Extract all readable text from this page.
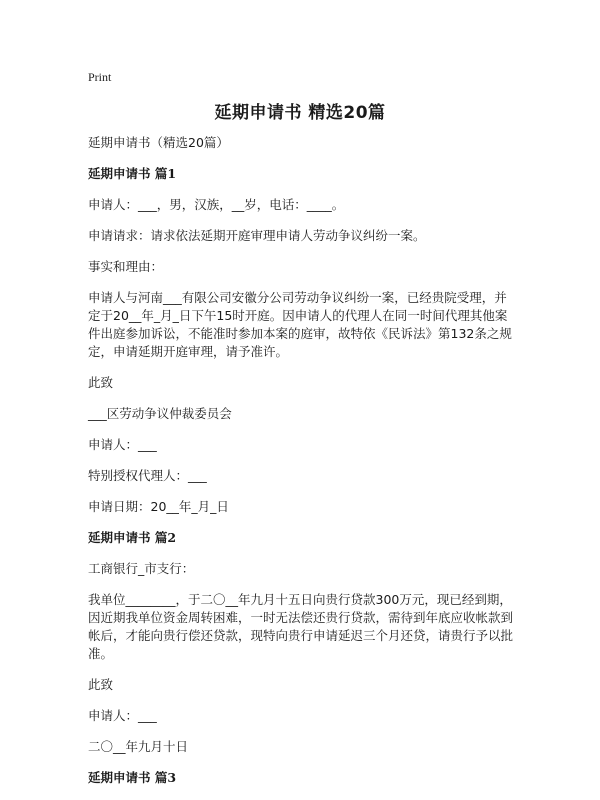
Print
延期申请书 精选20篇

延期申请书（精选20篇）

延期申请书 篇1

申请人：___，男，汉族，__岁，电话：____。

申请请求：请求依法延期开庭审理申请人劳动争议纠纷一案。

事实和理由：

申请人与河南___有限公司安徽分公司劳动争议纠纷一案，已经贵院受理，并定于20__年_月_日下午15时开庭。因申请人的代理人在同一时间代理其他案件出庭参加诉讼，不能准时参加本案的庭审，故特依《民诉法》第132条之规定，申请延期开庭审理，请予准许。

此致

___区劳动争议仲裁委员会

申请人：___

特别授权代理人：___

申请日期：20__年_月_日

延期申请书 篇2

工商银行_市支行：

我单位________，于二〇__年九月十五日向贵行贷款300万元，现已经到期，因近期我单位资金周转困难，一时无法偿还贵行贷款，需待到年底应收帐款到帐后，才能向贵行偿还贷款，现特向贵行申请延迟三个月还贷，请贵行予以批准。

此致

申请人：___

二〇__年九月十日

延期申请书 篇3
